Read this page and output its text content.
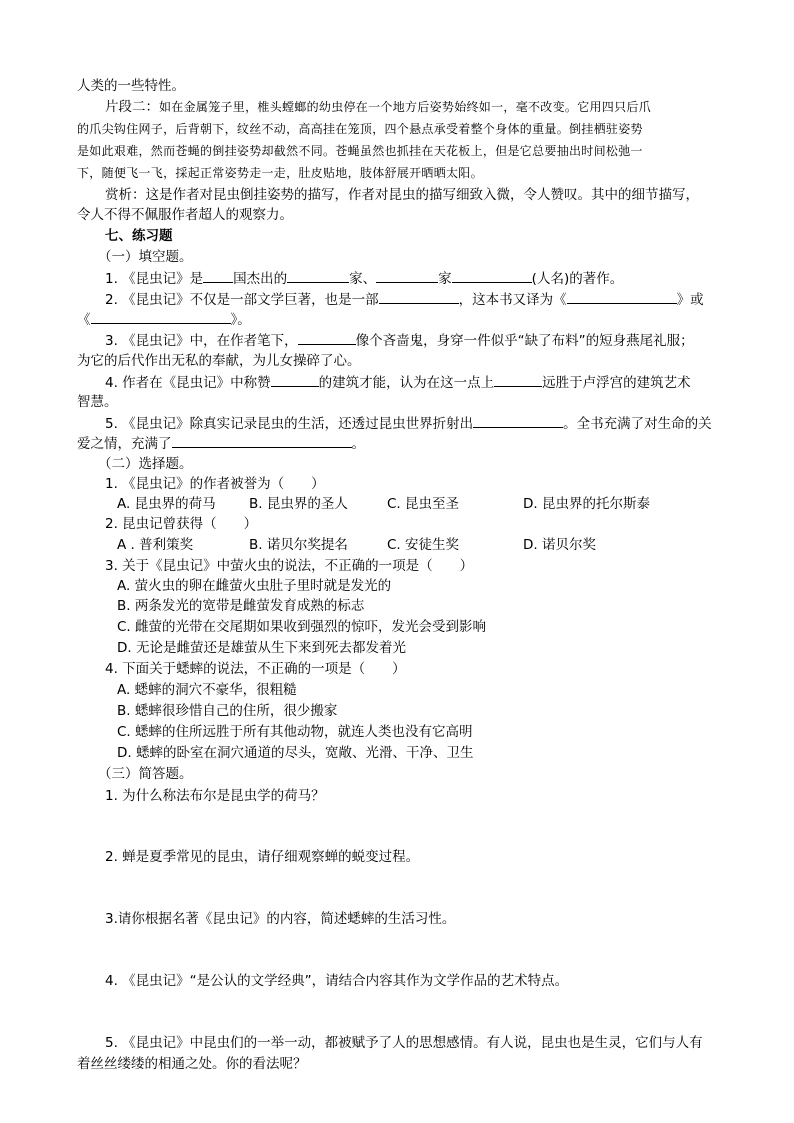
人类的一些特性。
片段二：如在金属笼子里，椎头螳螂的幼虫停在一个地方后姿势始终如一，毫不改变。它用四只后爪
的爪尖钩住网子，后背朝下，纹丝不动，高高挂在笼顶，四个悬点承受着整个身体的重量。倒挂栖驻姿势
是如此艰难，然而苍蝇的倒挂姿势却截然不同。苍蝇虽然也抓挂在天花板上，但是它总要抽出时间松弛一
下，随便飞一飞，採起正常姿势走一走，肚皮贴地，肢体舒展开晒晒太阳。
赏析：这是作者对昆虫倒挂姿势的描写，作者对昆虫的描写细致入微，令人赞叹。其中的细节描写，
令人不得不佩服作者超人的观察力。
七、练习题
（一）填空题。
1. 《昆虫记》是 国杰出的	家、	家	(人名)的著作。
2. 《昆虫记》不仅是一部文学巨著，也是一部	，这本书又译为《	》或
《	》。
3. 《昆虫记》中，在作者笔下，	像个吝啬鬼，身穿一件似乎“缺了布料”的短身燕尾礼服；
为它的后代作出无私的奉献，为儿女操碎了心。
4. 作者在《昆虫记》中称赞	的建筑才能，认为在这一点上	远胜于卢浮宫的建筑艺术
智慧。
5. 《昆虫记》除真实记录昆虫的生活，还透过昆虫世界折射出	。全书充满了对生命的关
爱之情，充满了	。
（二）选择题。
1. 《昆虫记》的作者被誉为（　　）
A. 昆虫界的荷马 B. 昆虫界的圣人	C. 昆虫至圣	D. 昆虫界的托尔斯泰
2. 昆虫记曾获得（　　）
A . 普利策奖	B. 诺贝尔奖提名	C. 安徒生奖	D. 诺贝尔奖
3. 关于《昆虫记》中萤火虫的说法，不正确的一项是（　　）
A. 萤火虫的卵在雌萤火虫肚子里时就是发光的
B. 两条发光的宽带是雌萤发育成熟的标志
C. 雌萤的光带在交尾期如果收到强烈的惊吓，发光会受到影响
D. 无论是雌萤还是雄萤从生下来到死去都发着光
4. 下面关于蟋蟀的说法，不正确的一项是（　　）
A. 蟋蟀的洞穴不豪华，很粗糙
B. 蟋蟀很珍惜自己的住所，很少搬家
C. 蟋蟀的住所远胜于所有其他动物，就连人类也没有它高明
D. 蟋蟀的卧室在洞穴通道的尽头，宽敞、光滑、干净、卫生
（三）简答题。
1. 为什么称法布尔是昆虫学的荷马？
2. 蝉是夏季常见的昆虫，请仔细观察蝉的蜕变过程。
3.请你根据名著《昆虫记》的内容，简述蟋蟀的生活习性。
4. 《昆虫记》“是公认的文学经典”，请结合内容其作为文学作品的艺术特点。
5. 《昆虫记》中昆虫们的一举一动，都被赋予了人的思想感情。有人说，昆虫也是生灵，它们与人有
着丝丝缕缕的相通之处。你的看法呢？
